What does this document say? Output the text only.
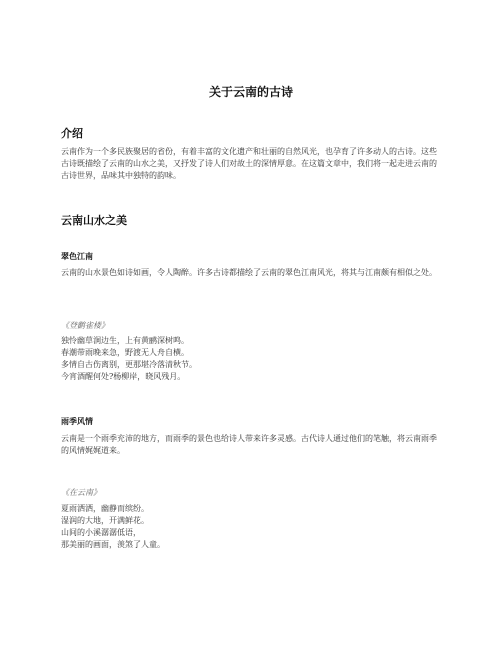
关于云南的古诗
介绍

云南作为一个多民族聚居的省份，有着丰富的文化遗产和壮丽的自然风光，也孕育了许多动人的古诗。这些古诗既描绘了云南的山水之美，又抒发了诗人们对故土的深情厚意。在这篇文章中，我们将一起走进云南的古诗世界，品味其中独特的韵味。

云南山水之美
翠色江南

云南的山水景色如诗如画，令人陶醉。许多古诗都描绘了云南的翠色江南风光，将其与江南颇有相似之处。

《登鹳雀楼》

独怜幽草涧边生，上有黄鹂深树鸣。
春潮带雨晚来急，野渡无人舟自横。
多情自古伤离别，更那堪冷落清秋节。
今宵酒醒何处?杨柳岸，晓风残月。
雨季风情

云南是一个雨季充沛的地方，而雨季的景色也给诗人带来许多灵感。古代诗人通过他们的笔触，将云南雨季的风情娓娓道来。

《在云南》

夏雨洒洒，幽静而缤纷。
湿润的大地，开满鲜花。
山间的小溪潺潺低语，
那美丽的画面，羡煞了人童。
